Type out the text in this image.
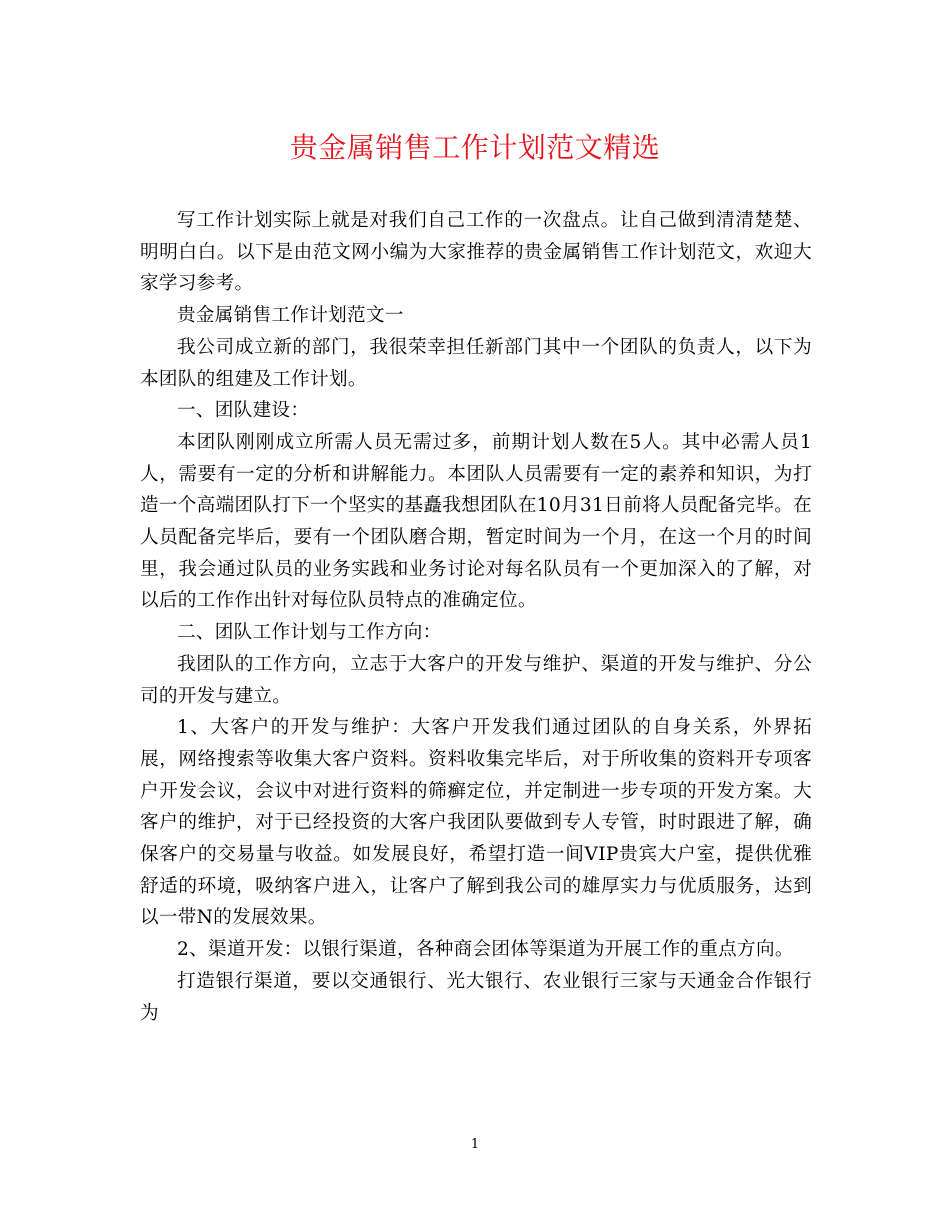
贵金属销售工作计划范文精选

写工作计划实际上就是对我们自己工作的一次盘点。让自己做到清清楚楚、明明白白。以下是由范文网小编为大家推荐的贵金属销售工作计划范文，欢迎大家学习参考。

贵金属销售工作计划范文一

我公司成立新的部门，我很荣幸担任新部门其中一个团队的负责人，以下为本团队的组建及工作计划。

一、团队建设：

本团队刚刚成立所需人员无需过多，前期计划人数在5人。其中必需人员1人，需要有一定的分析和讲解能力。本团队人员需要有一定的素养和知识，为打造一个高端团队打下一个坚实的基矗我想团队在10月31日前将人员配备完毕。在人员配备完毕后，要有一个团队磨合期，暂定时间为一个月，在这一个月的时间里，我会通过队员的业务实践和业务讨论对每名队员有一个更加深入的了解，对以后的工作作出针对每位队员特点的准确定位。

二、团队工作计划与工作方向：

我团队的工作方向，立志于大客户的开发与维护、渠道的开发与维护、分公司的开发与建立。

1、大客户的开发与维护：大客户开发我们通过团队的自身关系，外界拓展，网络搜索等收集大客户资料。资料收集完毕后，对于所收集的资料开专项客户开发会议，会议中对进行资料的筛癣定位，并定制进一步专项的开发方案。大客户的维护，对于已经投资的大客户我团队要做到专人专管，时时跟进了解，确保客户的交易量与收益。如发展良好，希望打造一间VIP贵宾大户室，提供优雅舒适的环境，吸纳客户进入，让客户了解到我公司的雄厚实力与优质服务，达到以一带N的发展效果。

2、渠道开发：以银行渠道，各种商会团体等渠道为开展工作的重点方向。

打造银行渠道，要以交通银行、光大银行、农业银行三家与天通金合作银行为

1
